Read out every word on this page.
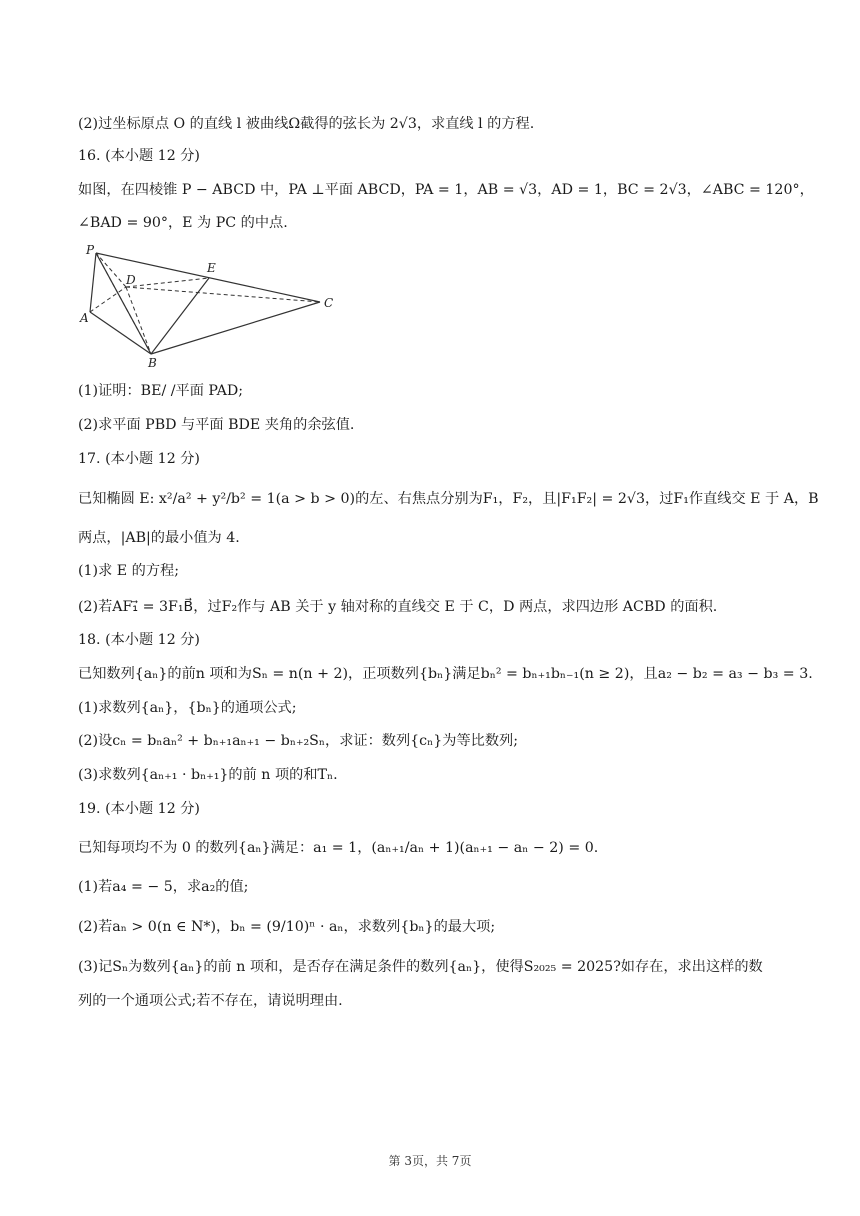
(2)过坐标原点 O 的直线 l 被曲线Ω截得的弦长为 2√3，求直线 l 的方程.
16. (本小题 12 分)
如图，在四棱锥 P − ABCD 中，PA ⊥平面 ABCD，PA = 1，AB = √3，AD = 1，BC = 2√3，∠ABC = 120°，
∠BAD = 90°，E 为 PC 的中点.
P
D
E
A
B
C
(1)证明：BE/ /平面 PAD;
(2)求平面 PBD 与平面 BDE 夹角的余弦值.
17. (本小题 12 分)
已知椭圆 E: x²/a² + y²/b² = 1(a > b > 0)的左、右焦点分别为F₁，F₂，且|F₁F₂| = 2√3，过F₁作直线交 E 于 A，B
两点，|AB|的最小值为 4.
(1)求 E 的方程;
(2)若AF₁⃗ = 3F₁B⃗，过F₂作与 AB 关于 y 轴对称的直线交 E 于 C，D 两点，求四边形 ACBD 的面积.
18. (本小题 12 分)
已知数列{aₙ}的前n 项和为Sₙ = n(n + 2)，正项数列{bₙ}满足bₙ² = bₙ₊₁bₙ₋₁(n ≥ 2)，且a₂ − b₂ = a₃ − b₃ = 3.
(1)求数列{aₙ}，{bₙ}的通项公式;
(2)设cₙ = bₙaₙ² + bₙ₊₁aₙ₊₁ − bₙ₊₂Sₙ，求证：数列{cₙ}为等比数列;
(3)求数列{aₙ₊₁ · bₙ₊₁}的前 n 项的和Tₙ.
19. (本小题 12 分)
已知每项均不为 0 的数列{aₙ}满足：a₁ = 1，(aₙ₊₁/aₙ + 1)(aₙ₊₁ − aₙ − 2) = 0.
(1)若a₄ = − 5，求a₂的值;
(2)若aₙ > 0(n ∈ N*)，bₙ = (9/10)ⁿ · aₙ，求数列{bₙ}的最大项;
(3)记Sₙ为数列{aₙ}的前 n 项和，是否存在满足条件的数列{aₙ}，使得S₂₀₂₅ = 2025?如存在，求出这样的数
列的一个通项公式;若不存在，请说明理由.
第 3页，共 7页
